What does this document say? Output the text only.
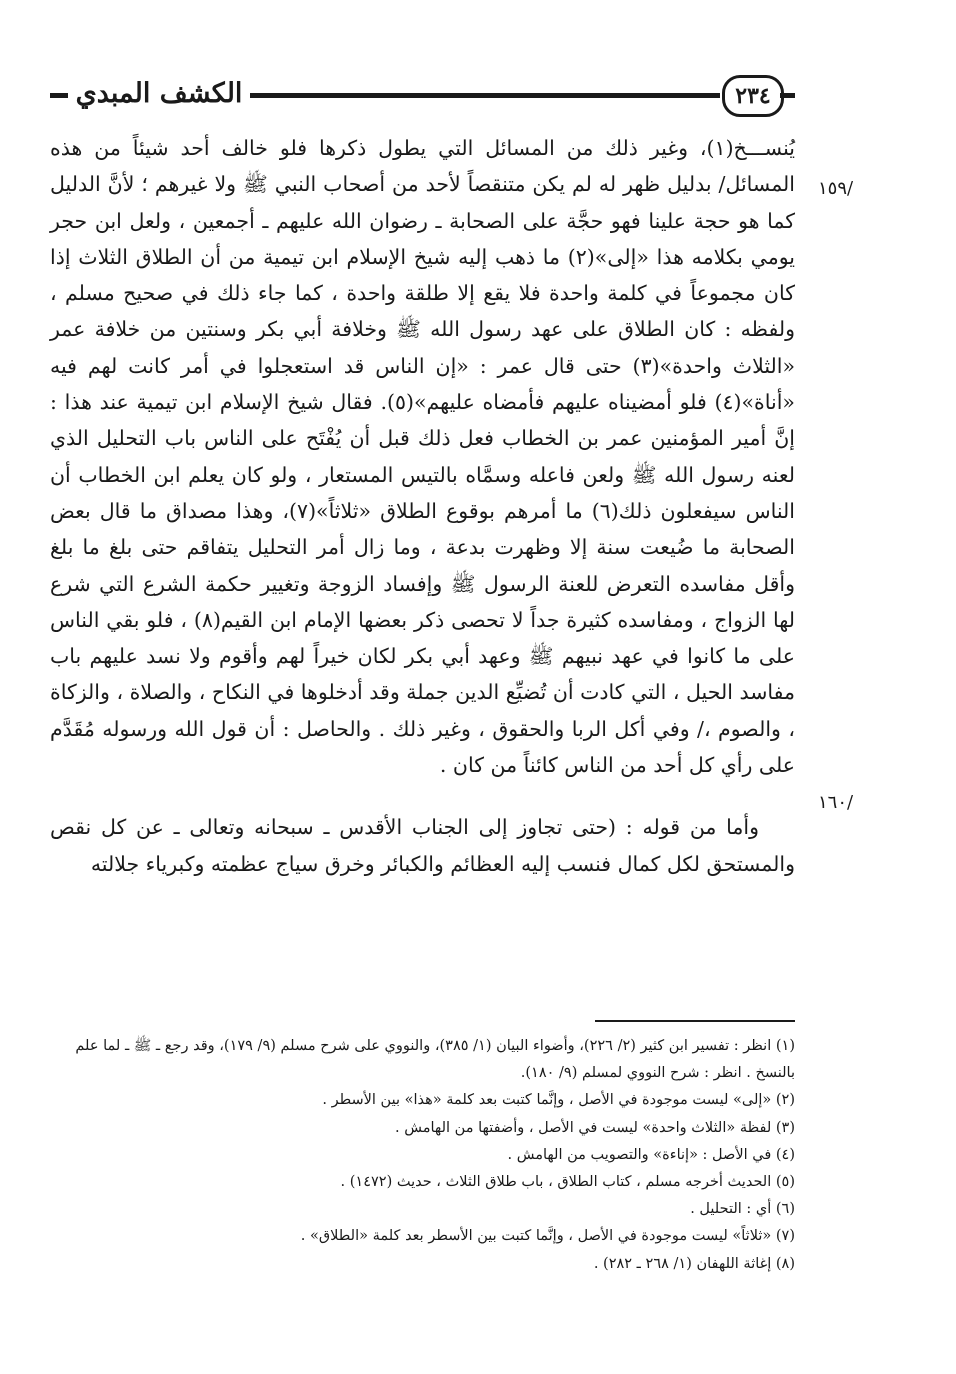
الكشف المبدي	٢٣٤
/١٥٩
/١٦٠

يُنســـخ(١)، وغير ذلك من المسائل التي يطول ذكرها فلو خالف أحد شيئاً من هذه المسائل/ بدليل ظهر له لم يكن متنقصاً لأحد من أصحاب النبي ﷺ ولا غيرهم ؛ لأنَّ الدليل كما هو حجة علينا فهو حجَّة على الصحابة ـ رضوان الله عليهم ـ أجمعين ، ولعل ابن حجر يومي بكلامه هذا «إلى»(٢) ما ذهب إليه شيخ الإسلام ابن تيمية من أن الطلاق الثلاث إذا كان مجموعاً في كلمة واحدة فلا يقع إلا طلقة واحدة ، كما جاء ذلك في صحيح مسلم ، ولفظه : كان الطلاق على عهد رسول الله ﷺ وخلافة أبي بكر وسنتين من خلافة عمر «الثلاث واحدة»(٣) حتى قال عمر : «إن الناس قد استعجلوا في أمر كانت لهم فيه «أناة»(٤) فلو أمضيناه عليهم فأمضاه عليهم»(٥). فقال شيخ الإسلام ابن تيمية عند هذا : إنَّ أمير المؤمنين عمر بن الخطاب فعل ذلك قبل أن يُفْتَح على الناس باب التحليل الذي لعنه رسول الله ﷺ ولعن فاعله وسمَّاه بالتيس المستعار ، ولو كان يعلم ابن الخطاب أن الناس سيفعلون ذلك(٦) ما أمرهم بوقوع الطلاق «ثلاثاً»(٧)، وهذا مصداق ما قال بعض الصحابة ما ضُيعت سنة إلا وظهرت بدعة ، وما زال أمر التحليل يتفاقم حتى بلغ ما بلغ وأقل مفاسده التعرض للعنة الرسول ﷺ وإفساد الزوجة وتغيير حكمة الشرع التي شرع لها الزواج ، ومفاسده كثيرة جداً لا تحصى ذكر بعضها الإمام ابن القيم(٨) ، فلو بقي الناس على ما كانوا في عهد نبيهم ﷺ وعهد أبي بكر لكان خيراً لهم وأقوم ولا نسد عليهم باب مفاسد الحيل ، التي كادت أن تُضيِّع الدين جملة وقد أدخلوها في النكاح ، والصلاة ، والزكاة ، والصوم ،/ وفي أكل الربا والحقوق ، وغير ذلك . والحاصل : أن قول الله ورسوله مُقَدَّم على رأي كل أحد من الناس كائناً من كان .

وأما من قوله : (حتى تجاوز إلى الجناب الأقدس ـ سبحانه وتعالى ـ عن كل نقص والمستحق لكل كمال فنسب إليه العظائم والكبائر وخرق سياج عظمته وكبرياء جلالته

(١) انظر : تفسير ابن كثير (٢/ ٢٢٦)، وأضواء البيان (١/ ٣٨٥)، والنووي على شرح مسلم (٩/ ١٧٩)، وقد رجع ـ ﷺ ـ لما علم بالنسخ . انظر : شرح النووي لمسلم (٩/ ١٨٠).
(٢) «إلى» ليست موجودة في الأصل ، وإنَّما كتبت بعد كلمة «هذا» بين الأسطر .
(٣) لفظة «الثلاث واحدة» ليست في الأصل ، وأضفتها من الهامش .
(٤) في الأصل : «إناءة» والتصويب من الهامش .
(٥) الحديث أخرجه مسلم ، كتاب الطلاق ، باب طلاق الثلاث ، حديث (١٤٧٢) .
(٦) أي : التحليل .
(٧) «ثلاثاً» ليست موجودة في الأصل ، وإنَّما كتبت بين الأسطر بعد كلمة «الطلاق» .
(٨) إغاثة اللهفان (١/ ٢٦٨ ـ ٢٨٢) .
